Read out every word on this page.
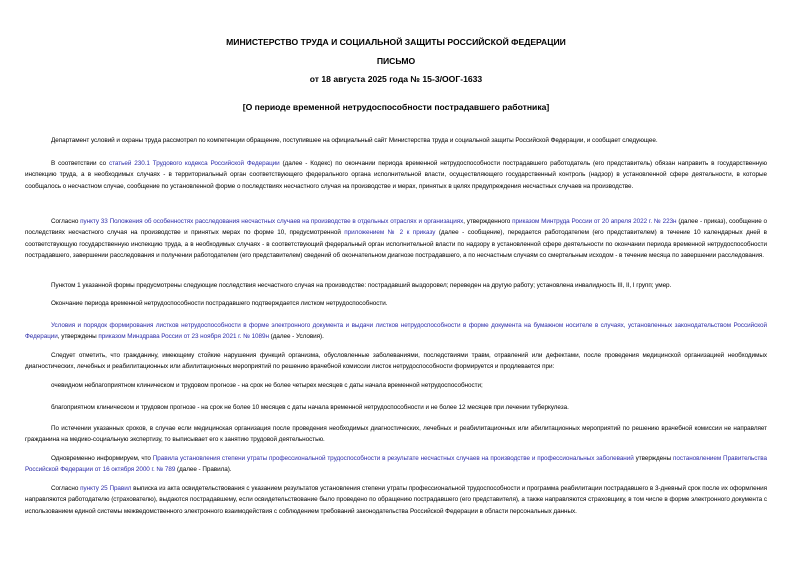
МИНИСТЕРСТВО ТРУДА И СОЦИАЛЬНОЙ ЗАЩИТЫ РОССИЙСКОЙ ФЕДЕРАЦИИ
ПИСЬМО
от 18 августа 2025 года № 15-3/ООГ-1633
[О периоде временной нетрудоспособности пострадавшего работника]

Департамент условий и охраны труда рассмотрел по компетенции обращение, поступившее на официальный сайт Министерства труда и социальной защиты Российской Федерации, и сообщает следующее.

В соответствии со статьей 230.1 Трудового кодекса Российской Федерации (далее - Кодекс) по окончании периода временной нетрудоспособности пострадавшего работодатель (его представитель) обязан направить в государственную инспекцию труда, а в необходимых случаях - в территориальный орган соответствующего федерального органа исполнительной власти, осуществляющего государственный контроль (надзор) в установленной сфере деятельности, в которые сообщалось о несчастном случае, сообщение по установленной форме о последствиях несчастного случая на производстве и мерах, принятых в целях предупреждения несчастных случаев на производстве.

Согласно пункту 33 Положения об особенностях расследования несчастных случаев на производстве в отдельных отраслях и организациях, утвержденного приказом Минтруда России от 20 апреля 2022 г. № 223н (далее - приказ), сообщение о последствиях несчастного случая на производстве и принятых мерах по форме 10, предусмотренной приложением № 2 к приказу (далее - сообщение), передается работодателем (его представителем) в течение 10 календарных дней в соответствующую государственную инспекцию труда, а в необходимых случаях - в соответствующий федеральный орган исполнительной власти по надзору в установленной сфере деятельности по окончании периода временной нетрудоспособности пострадавшего, завершении расследования и получении работодателем (его представителем) сведений об окончательном диагнозе пострадавшего, а по несчастным случаям со смертельным исходом - в течение месяца по завершении расследования.

Пунктом 1 указанной формы предусмотрены следующие последствия несчастного случая на производстве: пострадавший выздоровел; переведен на другую работу; установлена инвалидность III, II, I групп; умер.

Окончание периода временной нетрудоспособности пострадавшего подтверждается листком нетрудоспособности.

Условия и порядок формирования листков нетрудоспособности в форме электронного документа и выдачи листков нетрудоспособности в форме документа на бумажном носителе в случаях, установленных законодательством Российской Федерации, утверждены приказом Минздрава России от 23 ноября 2021 г. № 1089н (далее - Условия).

Следует отметить, что гражданину, имеющему стойкие нарушения функций организма, обусловленные заболеваниями, последствиями травм, отравлений или дефектами, после проведения медицинской организацией необходимых диагностических, лечебных и реабилитационных или абилитационных мероприятий по решению врачебной комиссии листок нетрудоспособности формируется и продлевается при:

очевидном неблагоприятном клиническом и трудовом прогнозе - на срок не более четырех месяцев с даты начала временной нетрудоспособности;

благоприятном клиническом и трудовом прогнозе - на срок не более 10 месяцев с даты начала временной нетрудоспособности и не более 12 месяцев при лечении туберкулеза.

По истечении указанных сроков, в случае если медицинская организация после проведения необходимых диагностических, лечебных и реабилитационных или абилитационных мероприятий по решению врачебной комиссии не направляет гражданина на медико-социальную экспертизу, то выписывает его к занятию трудовой деятельностью.

Одновременно информируем, что Правила установления степени утраты профессиональной трудоспособности в результате несчастных случаев на производстве и профессиональных заболеваний утверждены постановлением Правительства Российской Федерации от 16 октября 2000 г. № 789 (далее - Правила).

Согласно пункту 25 Правил выписка из акта освидетельствования с указанием результатов установления степени утраты профессиональной трудоспособности и программа реабилитации пострадавшего в 3-дневный срок после их оформления направляются работодателю (страхователю), выдаются пострадавшему, если освидетельствование было проведено по обращению пострадавшего (его представителя), а также направляются страховщику, в том числе в форме электронного документа с использованием единой системы межведомственного электронного взаимодействия с соблюдением требований законодательства Российской Федерации в области персональных данных.
